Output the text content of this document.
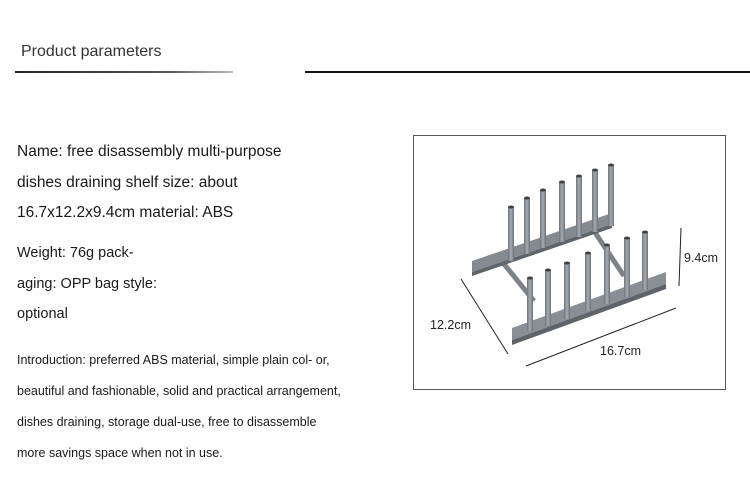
Product parameters

Name: free disassembly multi-purpose dishes draining shelf size: about 16.7x12.2x9.4cm material: ABS

Weight: 76g pack- aging: OPP bag style: optional

Introduction: preferred ABS material, simple plain col- or, beautiful and fashionable, solid and practical arrangement, dishes draining, storage dual-use, free to disassemble more savings space when not in use.

9.4cm
12.2cm
16.7cm
